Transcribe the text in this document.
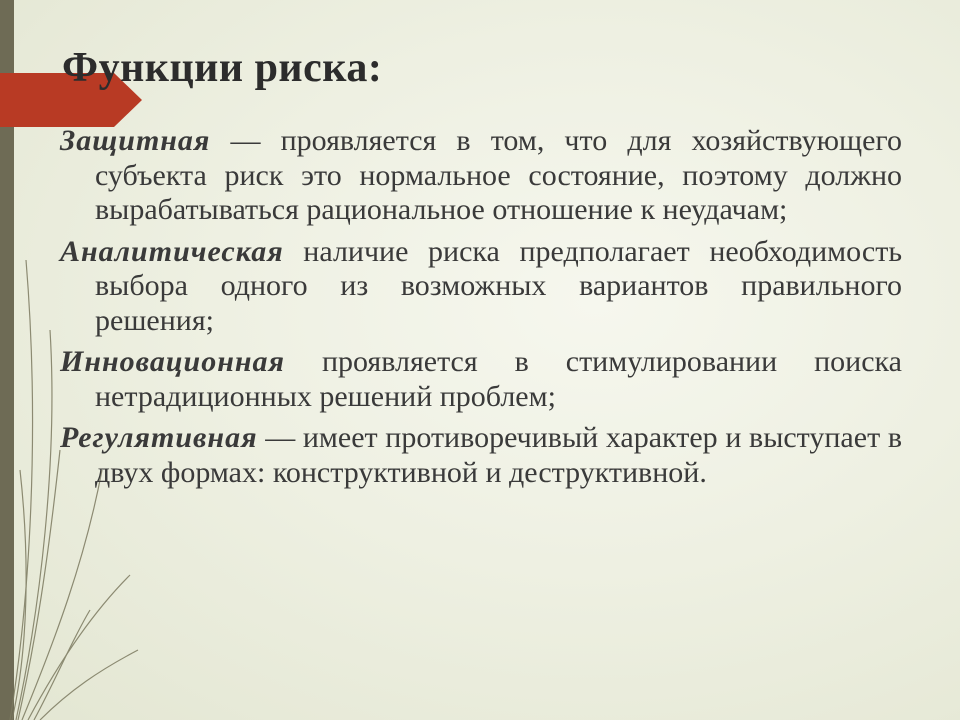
Функции риска:

Защитная — проявляется в том, что для хозяйствующего субъекта риск это нормальное состояние, поэтому должно вырабатываться рациональное отношение к неудачам;

Аналитическая наличие риска предполагает необходимость выбора одного из возможных вариантов правильного решения;

Инновационная проявляется в стимулировании поиска нетрадиционных решений проблем;

Регулятивная — имеет противоречивый характер и выступает в двух формах: конструктивной и деструктивной.
